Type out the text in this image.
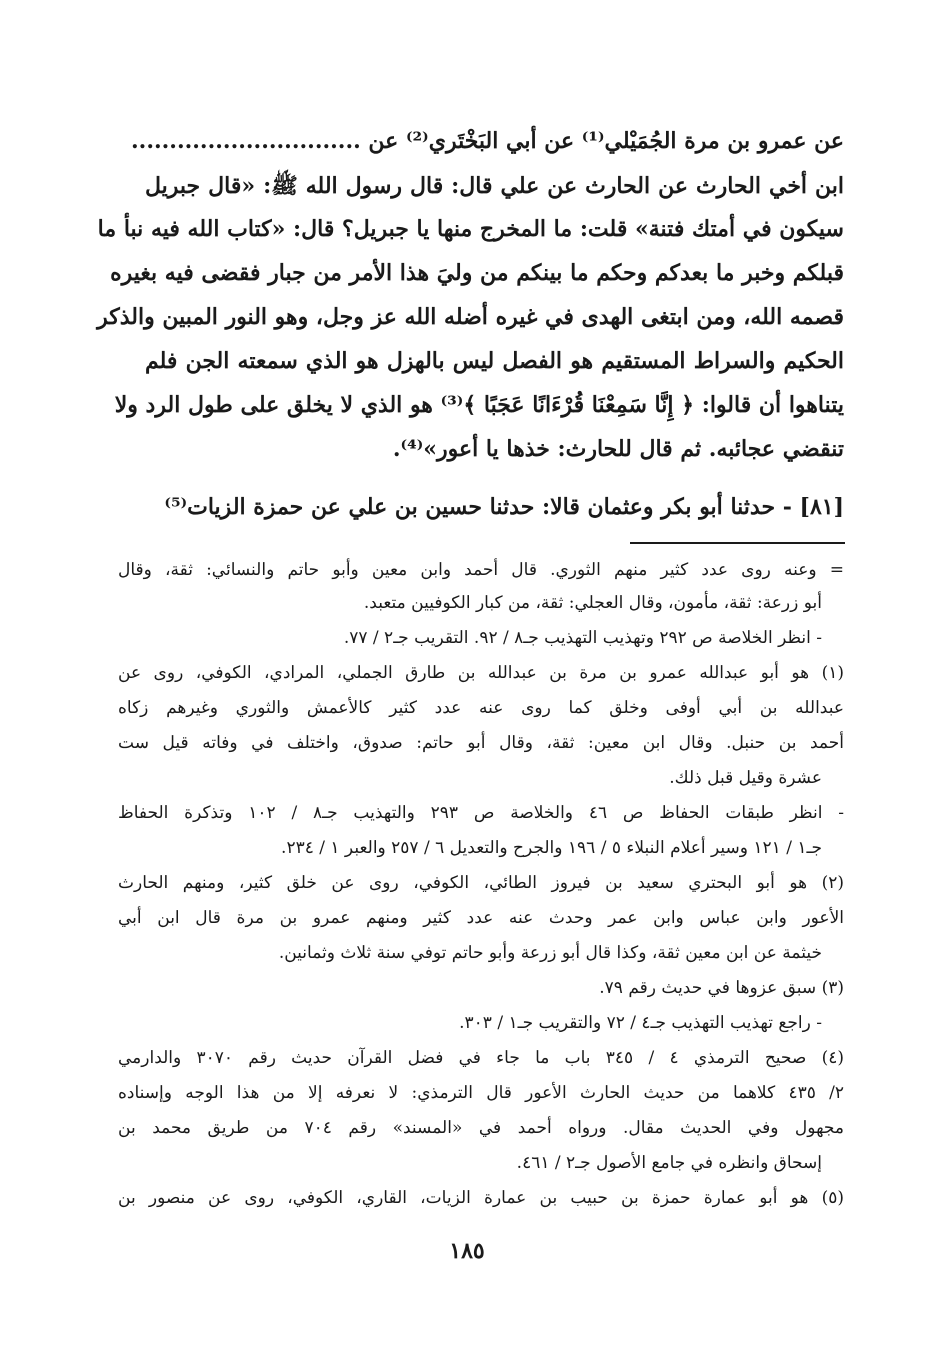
عن عمرو بن مرة الجُمَيْلي⁽¹⁾ عن أبي البَخْتَري⁽²⁾ عن ..............................
ابن أخي الحارث عن الحارث عن علي قال: قال رسول الله ﷺ: «قال جبريل
سيكون في أمتك فتنة» قلت: ما المخرج منها يا جبريل؟ قال: «كتاب الله فيه نبأ ما
قبلكم وخبر ما بعدكم وحكم ما بينكم من وليَ هذا الأمر من جبار فقضى فيه بغيره
قصمه الله، ومن ابتغى الهدى في غيره أضله الله عز وجل، وهو النور المبين والذكر
الحكيم والسراط المستقيم هو الفصل ليس بالهزل هو الذي سمعته الجن فلم
يتناهوا أن قالوا: ﴿ إِنَّا سَمِعْنَا قُرْءَانًا عَجَبًا ﴾⁽³⁾ هو الذي لا يخلق على طول الرد ولا
تنقضي عجائبه. ثم قال للحارث: خذها يا أعور»⁽⁴⁾.
[٨١] - حدثنا أبو بكر وعثمان قالا: حدثنا حسين بن علي عن حمزة الزيات⁽⁵⁾
= وعنه روى عدد كثير منهم الثوري. قال أحمد وابن معين وأبو حاتم والنسائي: ثقة، وقال
أبو زرعة: ثقة، مأمون، وقال العجلي: ثقة، من كبار الكوفيين متعبد.
- انظر الخلاصة ص ٢٩٢ وتهذيب التهذيب جـ٨ / ٩٢. التقريب جـ٢ / ٧٧.
(١) هو أبو عبدالله عمرو بن مرة بن عبدالله بن طارق الجملي، المرادي، الكوفي، روى عن
عبدالله بن أبي أوفى وخلق كما روى عنه عدد كثير كالأعمش والثوري وغيرهم زكاه
أحمد بن حنبل. وقال ابن معين: ثقة، وقال أبو حاتم: صدوق، واختلف في وفاته قيل ست
عشرة وقيل قبل ذلك.
- انظر طبقات الحفاظ ص ٤٦ والخلاصة ص ٢٩٣ والتهذيب جـ٨ / ١٠٢ وتذكرة الحفاظ
جـ١ / ١٢١ وسير أعلام النبلاء ٥ / ١٩٦ والجرح والتعديل ٦ / ٢٥٧ والعبر ١ / ٢٣٤.
(٢) هو أبو البحتري سعيد بن فيروز الطائي، الكوفي، روى عن خلق كثير، ومنهم الحارث
الأعور وابن عباس وابن عمر وحدث عنه عدد كثير ومنهم عمرو بن مرة قال ابن أبي
خيثمة عن ابن معين ثقة، وكذا قال أبو زرعة وأبو حاتم توفي سنة ثلاث وثمانين.
(٣) سبق عزوها في حديث رقم ٧٩.
- راجع تهذيب التهذيب جـ٤ / ٧٢ والتقريب جـ١ / ٣٠٣.
(٤) صحيح الترمذي ٤ / ٣٤٥ باب ما جاء في فضل القرآن حديث رقم ٣٠٧٠ والدارمي
٢/ ٤٣٥ كلاهما من حديث الحارث الأعور قال الترمذي: لا نعرفه إلا من هذا الوجه وإسناده
مجهول وفي الحديث مقال. ورواه أحمد في «المسند» رقم ٧٠٤ من طريق محمد بن
إسحاق وانظره في جامع الأصول جـ٢ / ٤٦١.
(٥) هو أبو عمارة حمزة بن حبيب بن عمارة الزيات، القاري، الكوفي، روى عن منصور بن
١٨٥
